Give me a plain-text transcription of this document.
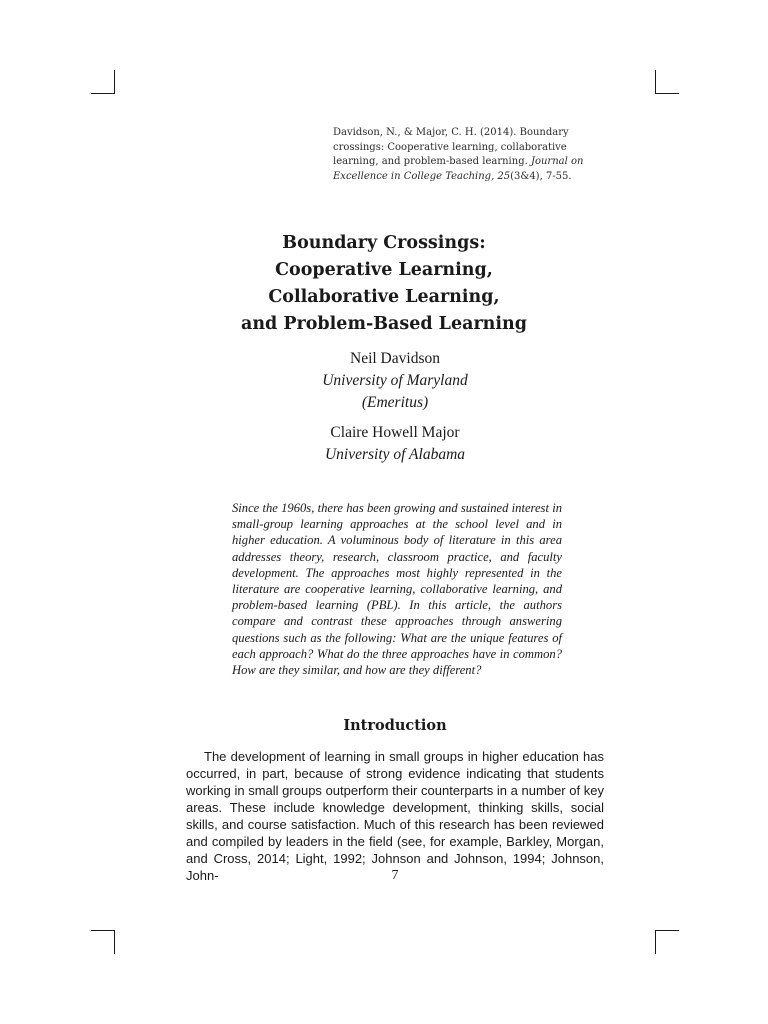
Davidson, N., & Major, C. H. (2014). Boundary crossings: Cooperative learning, collaborative learning, and problem-based learning. Journal on Excellence in College Teaching, 25(3&4), 7-55.
Boundary Crossings:
Cooperative Learning,
Collaborative Learning,
and Problem-Based Learning
Neil Davidson
University of Maryland
(Emeritus)
Claire Howell Major
University of Alabama
Since the 1960s, there has been growing and sustained interest in small-group learning approaches at the school level and in higher education. A voluminous body of literature in this area addresses theory, research, classroom practice, and faculty development. The approaches most highly represented in the literature are cooperative learning, collaborative learning, and problem-based learning (PBL). In this article, the authors compare and contrast these approaches through answering questions such as the following: What are the unique features of each approach? What do the three approaches have in common? How are they similar, and how are they different?
Introduction
The development of learning in small groups in higher education has occurred, in part, because of strong evidence indicating that students working in small groups outperform their counterparts in a number of key areas. These include knowledge development, thinking skills, social skills, and course satisfaction. Much of this research has been reviewed and compiled by leaders in the field (see, for example, Barkley, Morgan, and Cross, 2014; Light, 1992; Johnson and Johnson, 1994; Johnson, John-	7
